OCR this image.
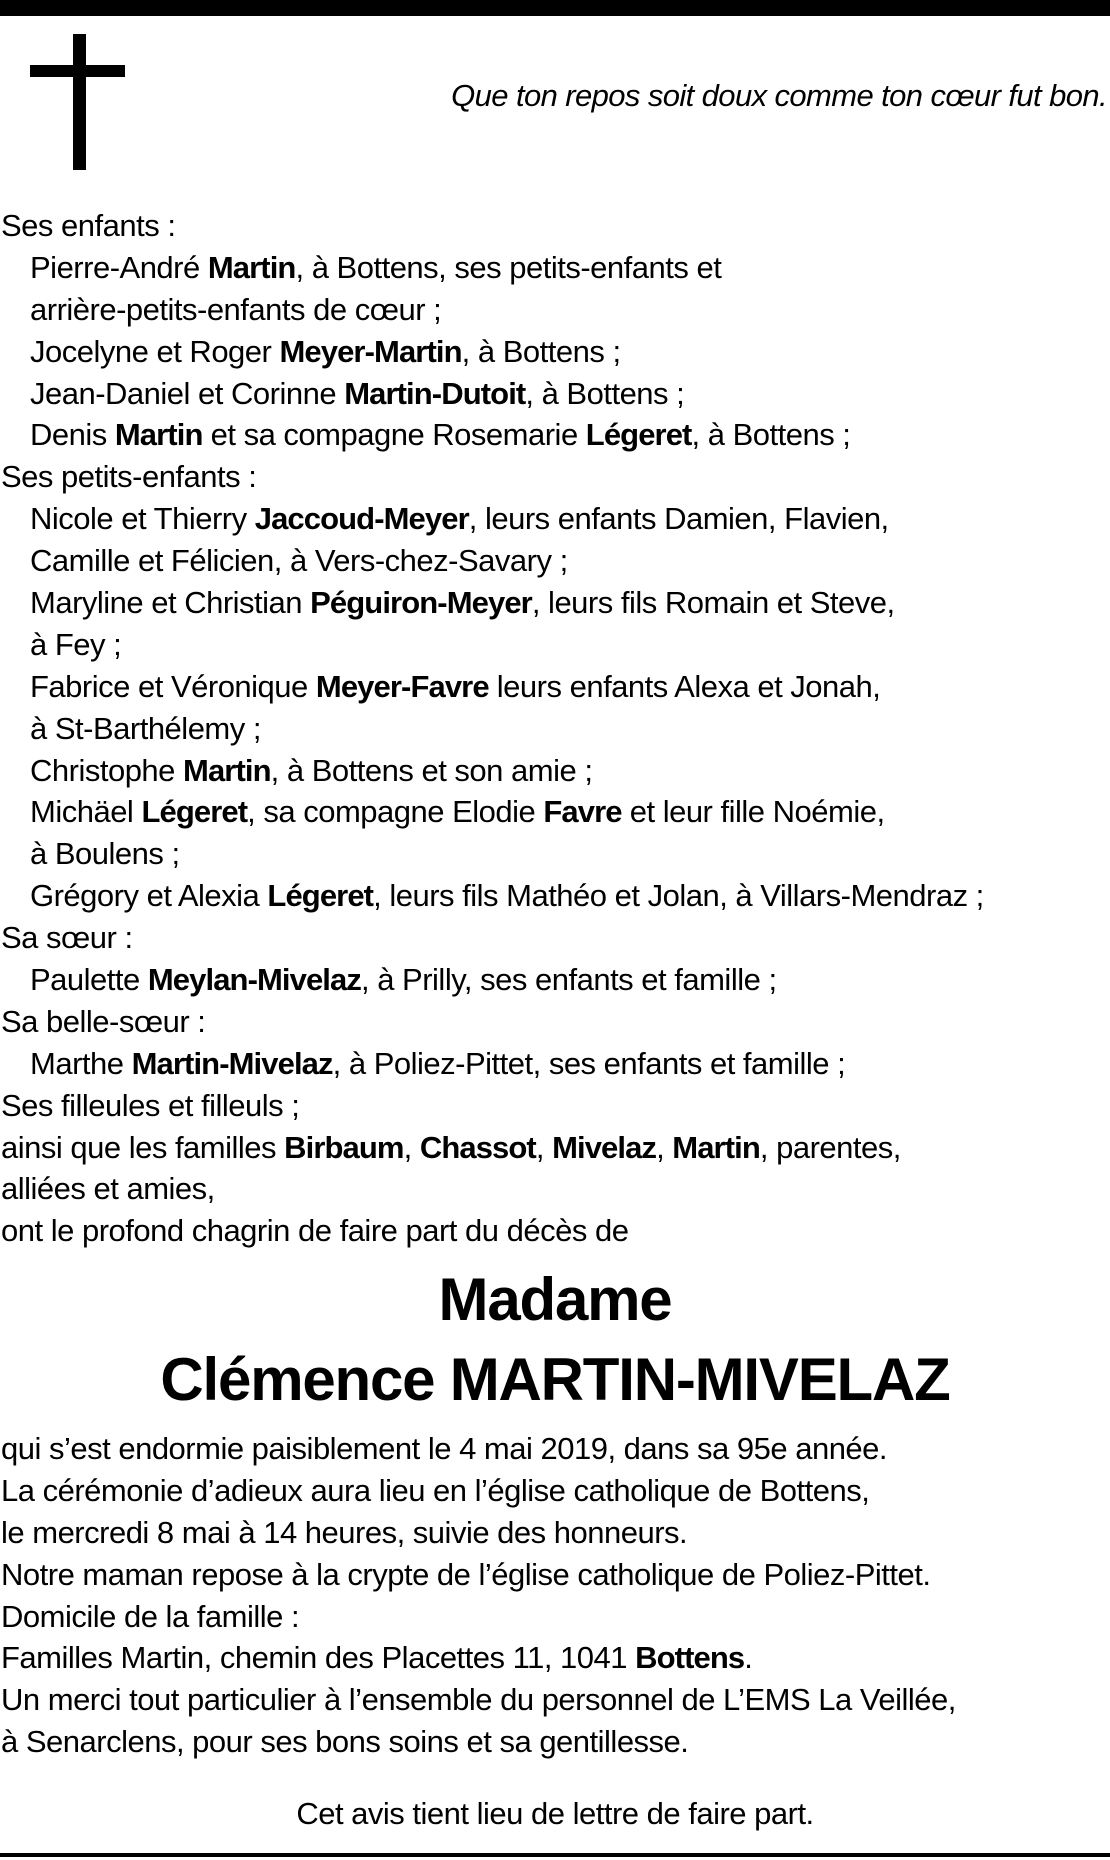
Que ton repos soit doux comme ton cœur fut bon.
Ses enfants :
Pierre-André Martin, à Bottens, ses petits-enfants et
arrière-petits-enfants de cœur ;
Jocelyne et Roger Meyer-Martin, à Bottens ;
Jean-Daniel et Corinne Martin-Dutoit, à Bottens ;
Denis Martin et sa compagne Rosemarie Légeret, à Bottens ;
Ses petits-enfants :
Nicole et Thierry Jaccoud-Meyer, leurs enfants Damien, Flavien,
Camille et Félicien, à Vers-chez-Savary ;
Maryline et Christian Péguiron-Meyer, leurs fils Romain et Steve,
à Fey ;
Fabrice et Véronique Meyer-Favre leurs enfants Alexa et Jonah,
à St-Barthélemy ;
Christophe Martin, à Bottens et son amie ;
Michäel Légeret, sa compagne Elodie Favre et leur fille Noémie,
à Boulens ;
Grégory et Alexia Légeret, leurs fils Mathéo et Jolan, à Villars-Mendraz ;
Sa sœur :
Paulette Meylan-Mivelaz, à Prilly, ses enfants et famille ;
Sa belle-sœur :
Marthe Martin-Mivelaz, à Poliez-Pittet, ses enfants et famille ;
Ses filleules et filleuls ;
ainsi que les familles Birbaum, Chassot, Mivelaz, Martin, parentes,
alliées et amies,
ont le profond chagrin de faire part du décès de
Madame
Clémence MARTIN-MIVELAZ
qui s’est endormie paisiblement le 4 mai 2019, dans sa 95e année.
La cérémonie d’adieux aura lieu en l’église catholique de Bottens,
le mercredi 8 mai à 14 heures, suivie des honneurs.
Notre maman repose à la crypte de l’église catholique de Poliez-Pittet.
Domicile de la famille :
Familles Martin, chemin des Placettes 11, 1041 Bottens.
Un merci tout particulier à l’ensemble du personnel de L’EMS La Veillée,
à Senarclens, pour ses bons soins et sa gentillesse.
Cet avis tient lieu de lettre de faire part.
